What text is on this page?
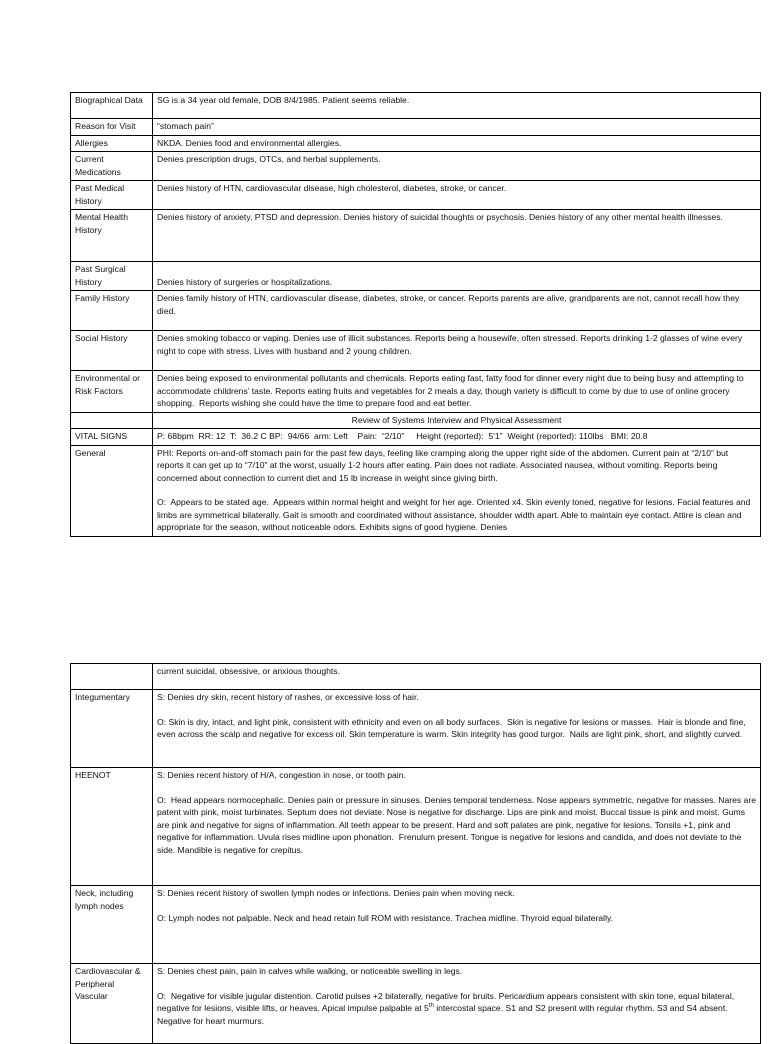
Biographical Data	SG is a 34 year old female, DOB 8/4/1985. Patient seems reliable.
Reason for Visit	“stomach pain”
Allergies	NKDA. Denies food and environmental allergies.
Current Medications	Denies prescription drugs, OTCs, and herbal supplements.
Past Medical History	Denies history of HTN, cardiovascular disease, high cholesterol, diabetes, stroke, or cancer.
Mental Health History	Denies history of anxiety, PTSD and depression. Denies history of suicidal thoughts or psychosis. Denies history of any other mental health illnesses.
Past Surgical History	Denies history of surgeries or hospitalizations.
Family History	Denies family history of HTN, cardiovascular disease, diabetes, stroke, or cancer. Reports parents are alive, grandparents are not, cannot recall how they died.
Social History	Denies smoking tobacco or vaping. Denies use of illicit substances. Reports being a housewife, often stressed. Reports drinking 1-2 glasses of wine every night to cope with stress. Lives with husband and 2 young children.
Environmental or Risk Factors	Denies being exposed to environmental pollutants and chemicals. Reports eating fast, fatty food for dinner every night due to being busy and attempting to accommodate childrens’ taste. Reports eating fruits and vegetables for 2 meals a day, though variety is difficult to come by due to use of online grocery shopping.  Reports wishing she could have the time to prepare food and eat better.
	Review of Systems Interview and Physical Assessment
VITAL SIGNS	P: 68bpm  RR: 12  T:  36.2 C BP:  94/66  arm: Left    Pain:  “2/10”     Height (reported):  5’1”  Weight (reported): 110lbs   BMI: 20.8
General	PHI: Reports on-and-off stomach pain for the past few days, feeling like cramping along the upper right side of the abdomen. Current pain at “2/10” but reports it can get up to “7/10” at the worst, usually 1-2 hours after eating. Pain does not radiate. Associated nausea, without vomiting. Reports being concerned about connection to current diet and 15 lb increase in weight since giving birth.
O:  Appears to be stated age.  Appears within normal height and weight for her age. Oriented x4. Skin evenly toned, negative for lesions. Facial features and limbs are symmetrical bilaterally. Gait is smooth and coordinated without assistance, shoulder width apart. Able to maintain eye contact. Attire is clean and appropriate for the season, without noticeable odors. Exhibits signs of good hygiene. Denies
	current suicidal, obsessive, or anxious thoughts.
Integumentary	S: Denies dry skin, recent history of rashes, or excessive loss of hair.
O: Skin is dry, intact, and light pink, consistent with ethnicity and even on all body surfaces.  Skin is negative for lesions or masses.  Hair is blonde and fine, even across the scalp and negative for excess oil. Skin temperature is warm. Skin integrity has good turgor.  Nails are light pink, short, and slightly curved.

HEENOT	S: Denies recent history of H/A, congestion in nose, or tooth pain.
O:  Head appears normocephalic. Denies pain or pressure in sinuses. Denies temporal tenderness. Nose appears symmetric, negative for masses. Nares are patent with pink, moist turbinates. Septum does not deviate. Nose is negative for discharge. Lips are pink and moist. Buccal tissue is pink and moist. Gums are pink and negative for signs of inflammation. All teeth appear to be present. Hard and soft palates are pink, negative for lesions. Tonsils +1, pink and negative for inflammation. Uvula rises midline upon phonation.  Frenulum present. Tongue is negative for lesions and candida, and does not deviate to the side. Mandible is negative for crepitus.

Neck, including lymph nodes	S: Denies recent history of swollen lymph nodes or infections. Denies pain when moving neck.
O: Lymph nodes not palpable. Neck and head retain full ROM with resistance. Trachea midline. Thyroid equal bilaterally.

Cardiovascular & Peripheral Vascular	S: Denies chest pain, pain in calves while walking, or noticeable swelling in legs.
O:  Negative for visible jugular distention. Carotid pulses +2 bilaterally, negative for bruits. Pericardium appears consistent with skin tone, equal bilateral, negative for lesions, visible lifts, or heaves. Apical impulse palpable at 5th intercostal space. S1 and S2 present with regular rhythm. S3 and S4 absent. Negative for heart murmurs.
